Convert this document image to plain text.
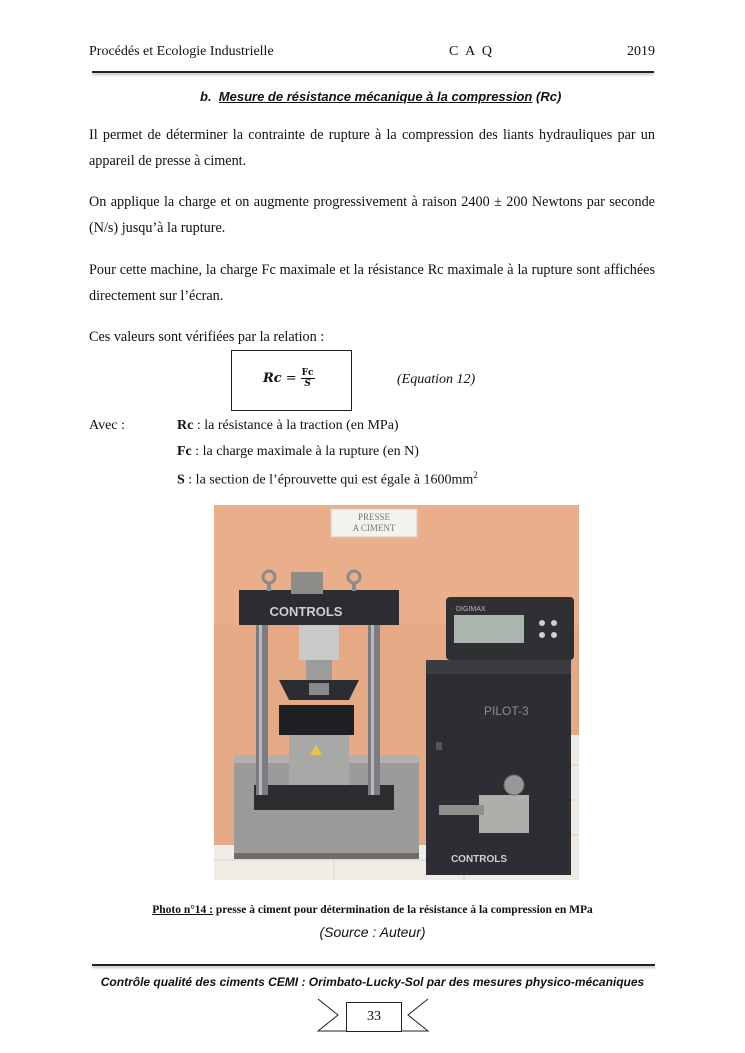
Procédés et Ecologie Industrielle	C A Q	2019
b. Mesure de résistance mécanique à la compression (Rc)
Il permet de déterminer la contrainte de rupture à la compression des liants hydrauliques par un appareil de presse à ciment.
On applique la charge et on augmente progressivement à raison 2400 ± 200 Newtons par seconde (N/s) jusqu’à la rupture.
Pour cette machine, la charge Fc maximale et la résistance Rc maximale à la rupture sont affichées directement sur l’écran.
Ces valeurs sont vérifiées par la relation :
$Rc = \frac{Fc}{S}$	(Equation 12)
Avec :	Rc : la résistance à la traction (en MPa)
Fc : la charge maximale à la rupture (en N)
S : la section de l’éprouvette qui est égale à $1600mm^2$
PRESSE
A CIMENT
CONTROLS
PILOT-3
CONTROLS
DIGIMAX
Photo n°14 : presse à ciment pour détermination de la résistance à la compression en MPa
(Source : Auteur)
Contrôle qualité des ciments CEMI : Orimbato-Lucky-Sol par des mesures physico-mécaniques
33
